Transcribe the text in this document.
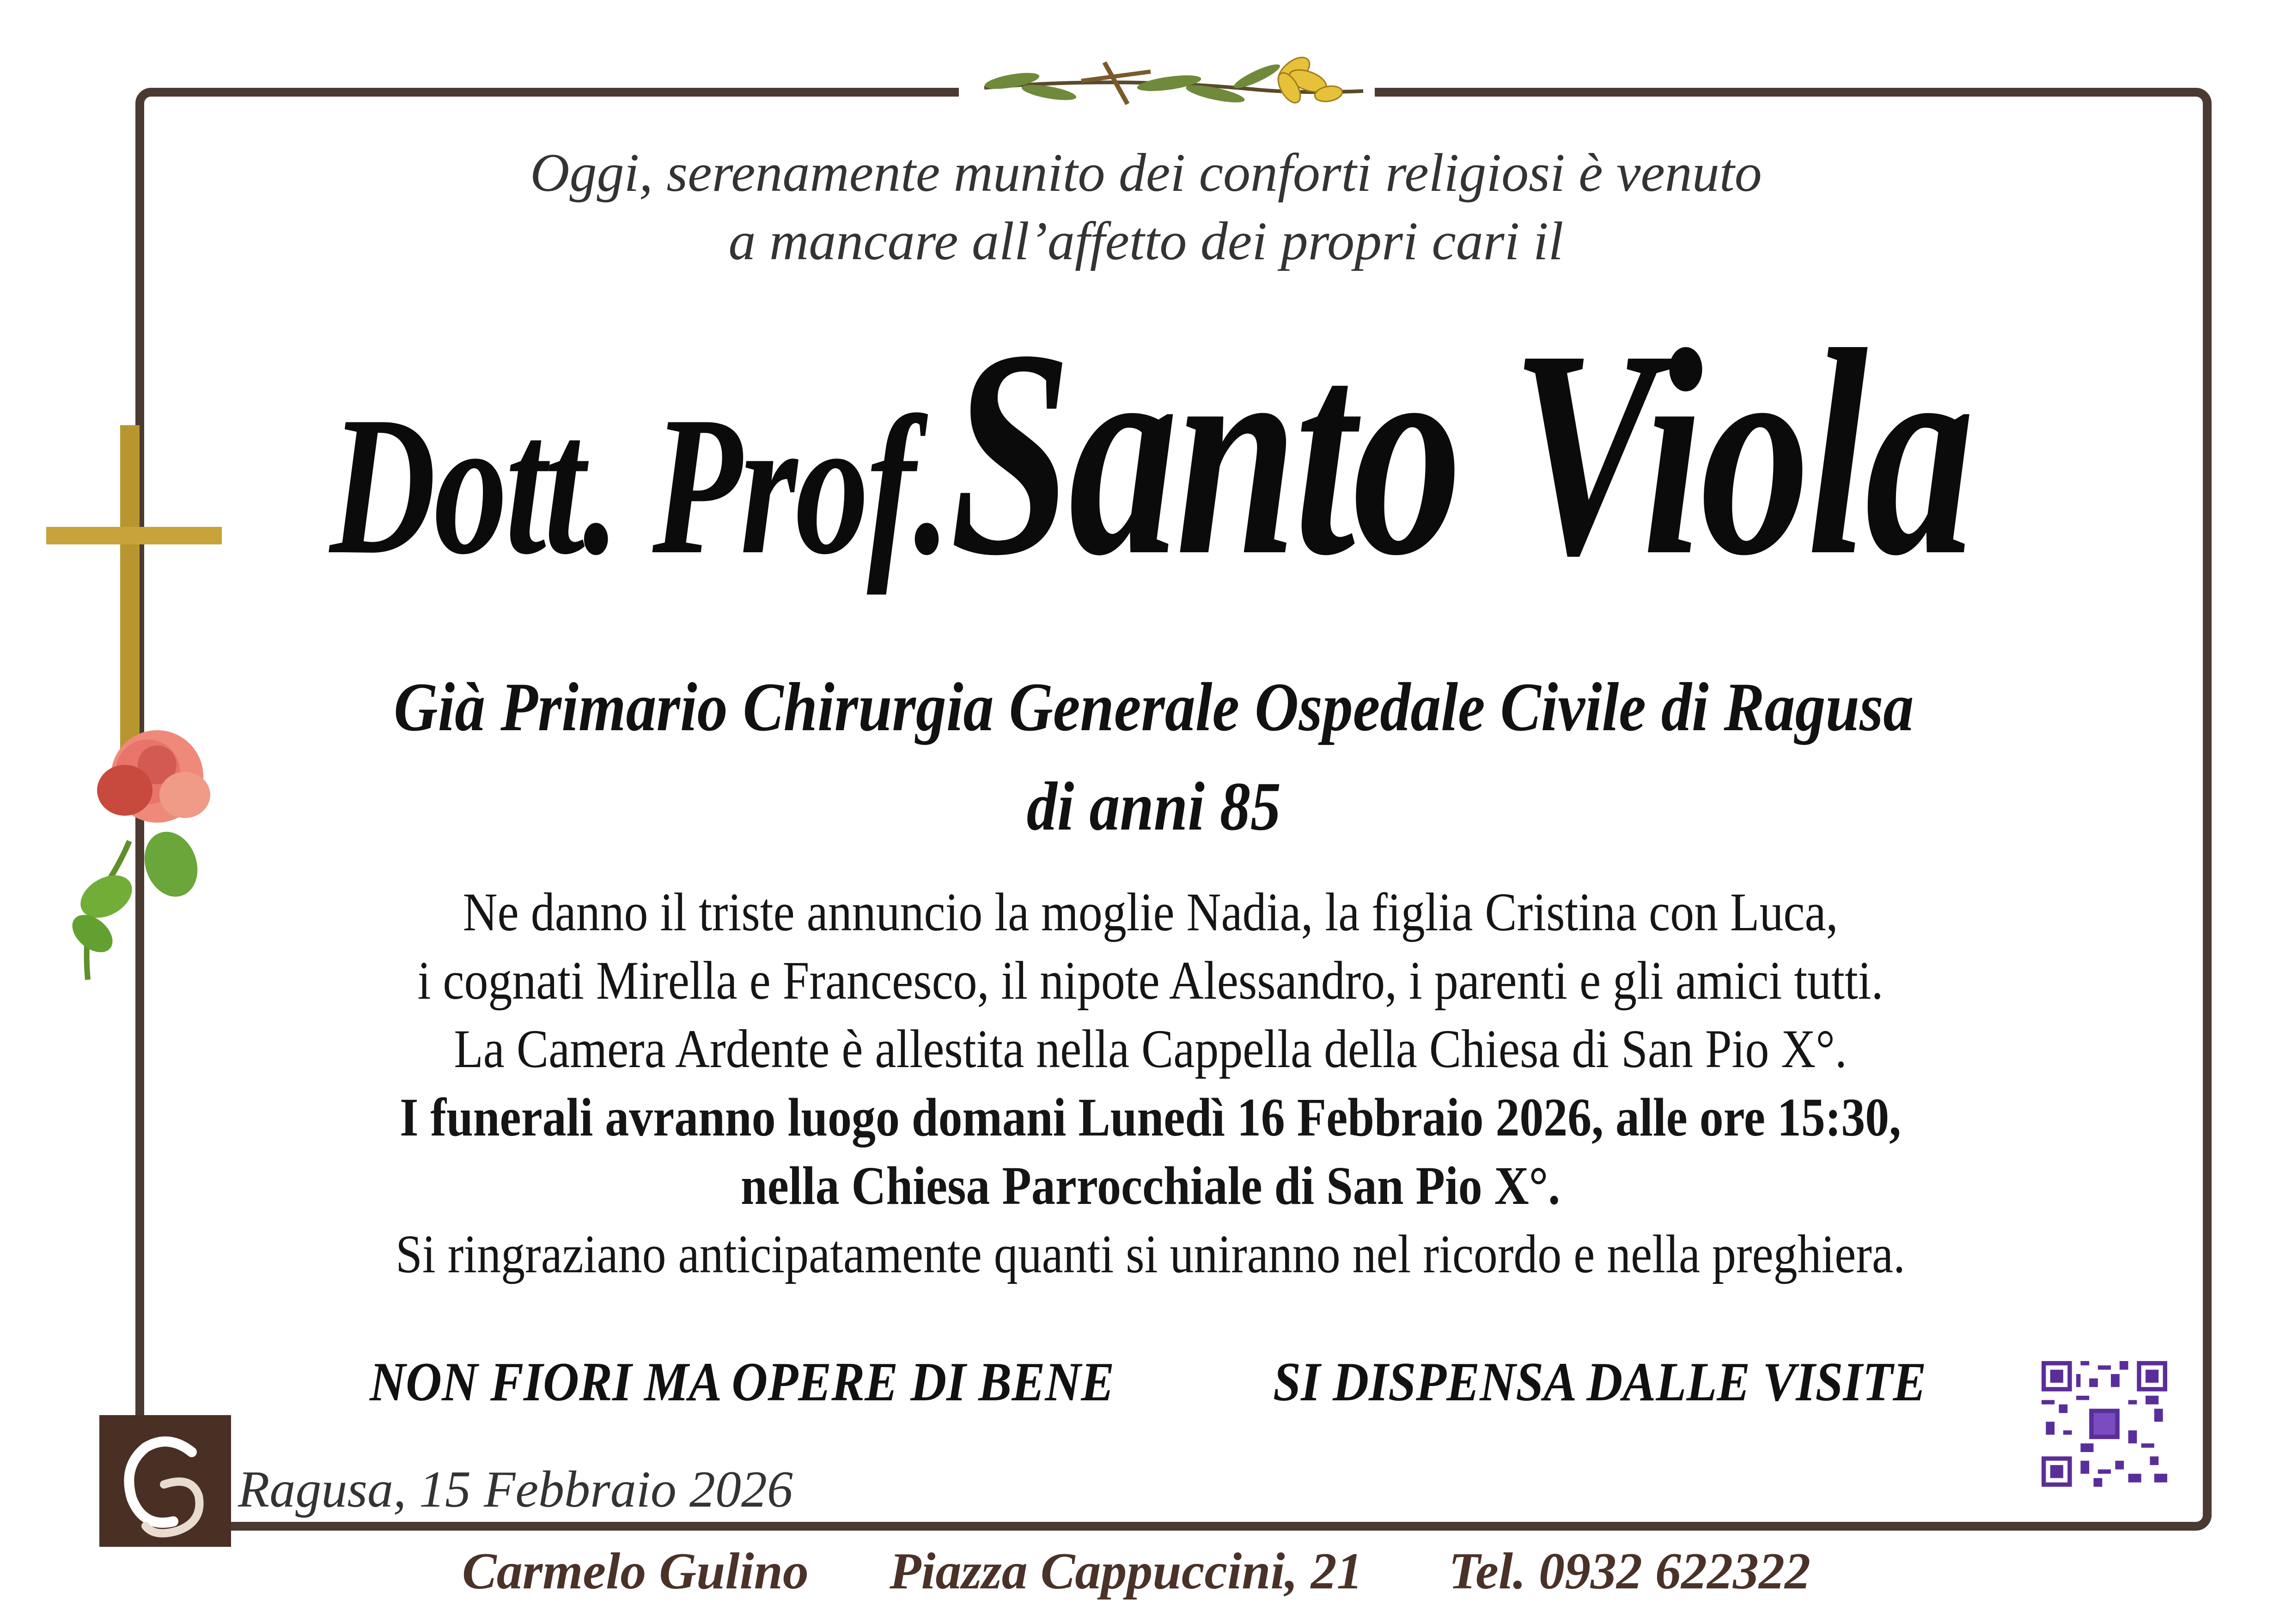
Oggi, serenamente munito dei conforti religiosi è venuto
a mancare all’affetto dei propri cari il
Dott. Prof. Santo Viola
Già Primario Chirurgia Generale Ospedale Civile di Ragusa
di anni 85
Ne danno il triste annuncio la moglie Nadia, la figlia Cristina con Luca,
i cognati Mirella e Francesco, il nipote Alessandro, i parenti e gli amici tutti.
La Camera Ardente è allestita nella Cappella della Chiesa di San Pio X°.
I funerali avranno luogo domani Lunedì 16 Febbraio 2026, alle ore 15:30,
nella Chiesa Parrocchiale di San Pio X°.
Si ringraziano anticipatamente quanti si uniranno nel ricordo e nella preghiera.
NON FIORI MA OPERE DI BENE	SI DISPENSA DALLE VISITE
Ragusa, 15 Febbraio 2026
Carmelo Gulino Piazza Cappuccini, 21 Tel. 0932 622322
